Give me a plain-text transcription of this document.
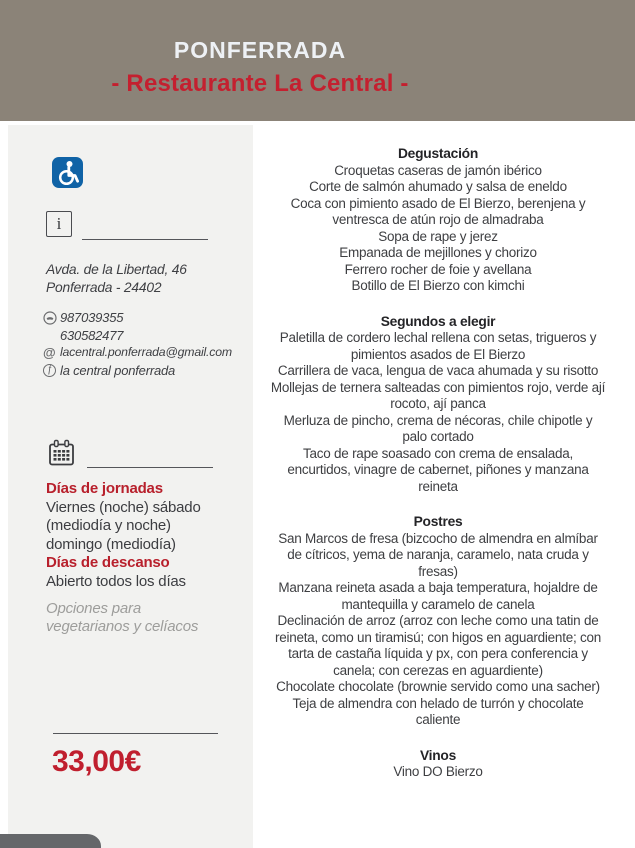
PONFERRADA
- Restaurante La Central -
i
Avda. de la Libertad, 46
Ponferrada - 24402
987039355
630582477
@ lacentral.ponferrada@gmail.com
f la central ponferrada
Días de jornadas
Viernes (noche) sábado (mediodía y noche) domingo (mediodía)
Días de descanso
Abierto todos los días
Opciones para vegetarianos y celíacos
33,00€
Degustación
Croquetas caseras de jamón ibérico
Corte de salmón ahumado y salsa de eneldo
Coca con pimiento asado de El Bierzo, berenjena y ventresca de atún rojo de almadraba
Sopa de rape y jerez
Empanada de mejillones y chorizo
Ferrero rocher de foie y avellana
Botillo de El Bierzo con kimchi
Segundos a elegir
Paletilla de cordero lechal rellena con setas, trigueros y pimientos asados de El Bierzo
Carrillera de vaca, lengua de vaca ahumada y su risotto
Mollejas de ternera salteadas con pimientos rojo, verde ají rocoto, ají panca
Merluza de pincho, crema de nécoras, chile chipotle y palo cortado
Taco de rape soasado con crema de ensalada, encurtidos, vinagre de cabernet, piñones y manzana reineta
Postres
San Marcos de fresa (bizcocho de almendra en almíbar de cítricos, yema de naranja, caramelo, nata cruda y fresas)
Manzana reineta asada a baja temperatura, hojaldre de mantequilla y caramelo de canela
Declinación de arroz (arroz con leche como una tatin de reineta, como un tiramisú; con higos en aguardiente; con tarta de castaña líquida y px, con pera conferencia y canela; con cerezas en aguardiente)
Chocolate chocolate (brownie servido como una sacher)
Teja de almendra con helado de turrón y chocolate caliente
Vinos
Vino DO Bierzo
